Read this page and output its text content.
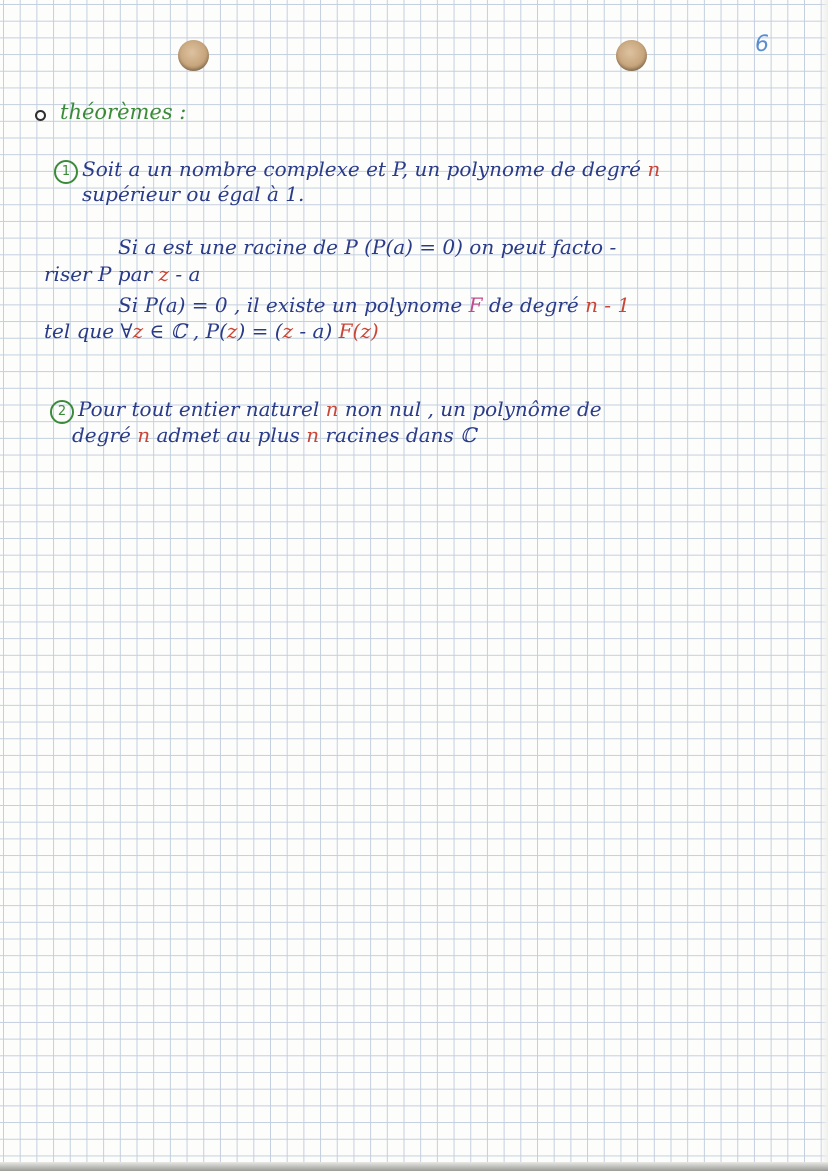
6
théorèmes :
1 Soit a un nombre complexe et P, un polynome de degré n
supérieur ou égal à 1.
Si a est une racine de P (P(a) = 0) on peut facto -
riser P par z - a
Si P(a) = 0 , il existe un polynome F de degré n - 1
tel que ∀z ∈ ℂ , P(z) = (z - a) F(z)
2 Pour tout entier naturel n non nul , un polynôme de
degré n admet au plus n racines dans ℂ
